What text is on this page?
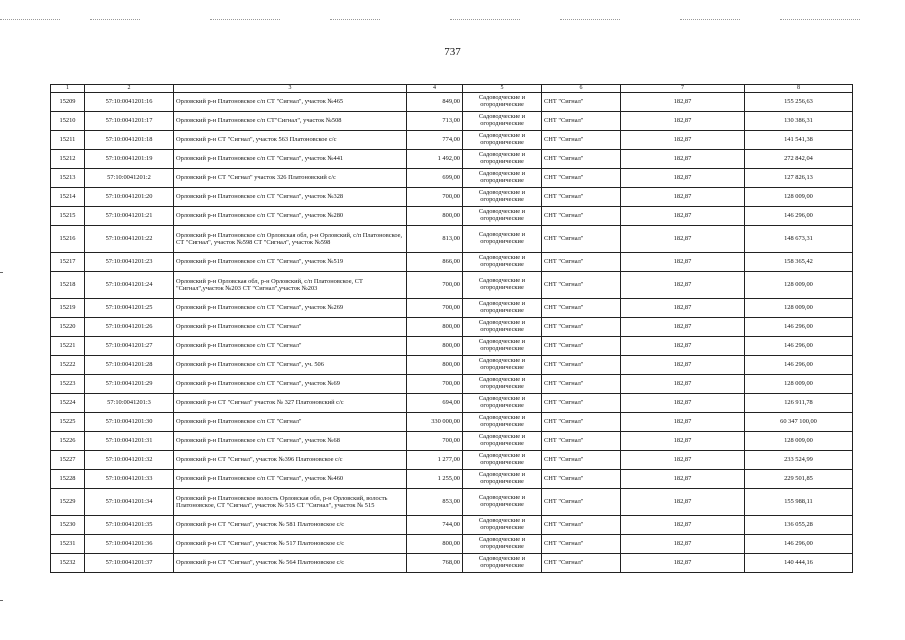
737
1	2	3	4	5	6	7	8
15209	57:10:0041201:16	Орловский р-н Платоновское с/п СТ "Сигнал", участок №465	849,00	Садоводческие и огороднические	СНТ "Сигнал"	182,87	155 256,63
15210	57:10:0041201:17	Орловский р-н Платоновское с/п СТ"Сигнал", участок №508	713,00	Садоводческие и огороднические	СНТ "Сигнал"	182,87	130 386,31
15211	57:10:0041201:18	Орловский р-н СТ "Сигнал", участок 563 Платоновское с/с	774,00	Садоводческие и огороднические	СНТ "Сигнал"	182,87	141 541,38
15212	57:10:0041201:19	Орловский р-н Платоновское с/п СТ "Сигнал", участок №441	1 492,00	Садоводческие и огороднические	СНТ "Сигнал"	182,87	272 842,04
15213	57:10:0041201:2	Орловский р-н СТ "Сигнал" участок 326 Платоновский с/с	699,00	Садоводческие и огороднические	СНТ "Сигнал"	182,87	127 826,13
15214	57:10:0041201:20	Орловский р-н Платоновское с/п СТ "Сигнал", участок №328	700,00	Садоводческие и огороднические	СНТ "Сигнал"	182,87	128 009,00
15215	57:10:0041201:21	Орловский р-н Платоновское с/п СТ "Сигнал", участок №280	800,00	Садоводческие и огороднические	СНТ "Сигнал"	182,87	146 296,00
15216	57:10:0041201:22	Орловский р-н Платоновское с/п Орловская обл, р-н Орловский, с/п Платоновское, СТ "Сигнал", участок №598 СТ "Сигнал", участок №598	813,00	Садоводческие и огороднические	СНТ "Сигнал"	182,87	148 673,31
15217	57:10:0041201:23	Орловский р-н Платоновское с/п СТ "Сигнал", участок №519	866,00	Садоводческие и огороднические	СНТ "Сигнал"	182,87	158 365,42
15218	57:10:0041201:24	Орловский р-н Орловская обл, р-н Орловский, с/п Платоновское, СТ "Сигнал",участок №203 СТ "Сигнал",участок №203	700,00	Садоводческие и огороднические	СНТ "Сигнал"	182,87	128 009,00
15219	57:10:0041201:25	Орловский р-н Платоновское с/п СТ "Сигнал", участок №269	700,00	Садоводческие и огороднические	СНТ "Сигнал"	182,87	128 009,00
15220	57:10:0041201:26	Орловский р-н Платоновское с/п СТ "Сигнал"	800,00	Садоводческие и огороднические	СНТ "Сигнал"	182,87	146 296,00
15221	57:10:0041201:27	Орловский р-н Платоновское с/п СТ "Сигнал"	800,00	Садоводческие и огороднические	СНТ "Сигнал"	182,87	146 296,00
15222	57:10:0041201:28	Орловский р-н Платоновское с/п СТ "Сигнал", уч. 506	800,00	Садоводческие и огороднические	СНТ "Сигнал"	182,87	146 296,00
15223	57:10:0041201:29	Орловский р-н Платоновское с/п СТ "Сигнал", участок №69	700,00	Садоводческие и огороднические	СНТ "Сигнал"	182,87	128 009,00
15224	57:10:0041201:3	Орловский р-н СТ "Сигнал" участок № 327 Платоновский с/с	694,00	Садоводческие и огороднические	СНТ "Сигнал"	182,87	126 911,78
15225	57:10:0041201:30	Орловский р-н Платоновское с/п СТ "Сигнал"	330 000,00	Садоводческие и огороднические	СНТ "Сигнал"	182,87	60 347 100,00
15226	57:10:0041201:31	Орловский р-н Платоновское с/п СТ "Сигнал", участок №68	700,00	Садоводческие и огороднические	СНТ "Сигнал"	182,87	128 009,00
15227	57:10:0041201:32	Орловский р-н СТ "Сигнал", участок №396 Платоновское с/с	1 277,00	Садоводческие и огороднические	СНТ "Сигнал"	182,87	233 524,99
15228	57:10:0041201:33	Орловский р-н Платоновское с/п СТ "Сигнал", участок №460	1 255,00	Садоводческие и огороднические	СНТ "Сигнал"	182,87	229 501,85
15229	57:10:0041201:34	Орловский р-н Платоновское волость Орловская обл, р-н Орловский, волость Платоновское, СТ "Сигнал", участок № 515 СТ "Сигнал", участок № 515	853,00	Садоводческие и огороднические	СНТ "Сигнал"	182,87	155 988,11
15230	57:10:0041201:35	Орловский р-н СТ "Сигнал", участок № 581 Платоновское с/с	744,00	Садоводческие и огороднические	СНТ "Сигнал"	182,87	136 055,28
15231	57:10:0041201:36	Орловский р-н СТ "Сигнал", участок № 517 Платоновское с/с	800,00	Садоводческие и огороднические	СНТ "Сигнал"	182,87	146 296,00
15232	57:10:0041201:37	Орловский р-н СТ "Сигнал", участок № 564 Платоновское с/с	768,00	Садоводческие и огороднические	СНТ "Сигнал"	182,87	140 444,16
